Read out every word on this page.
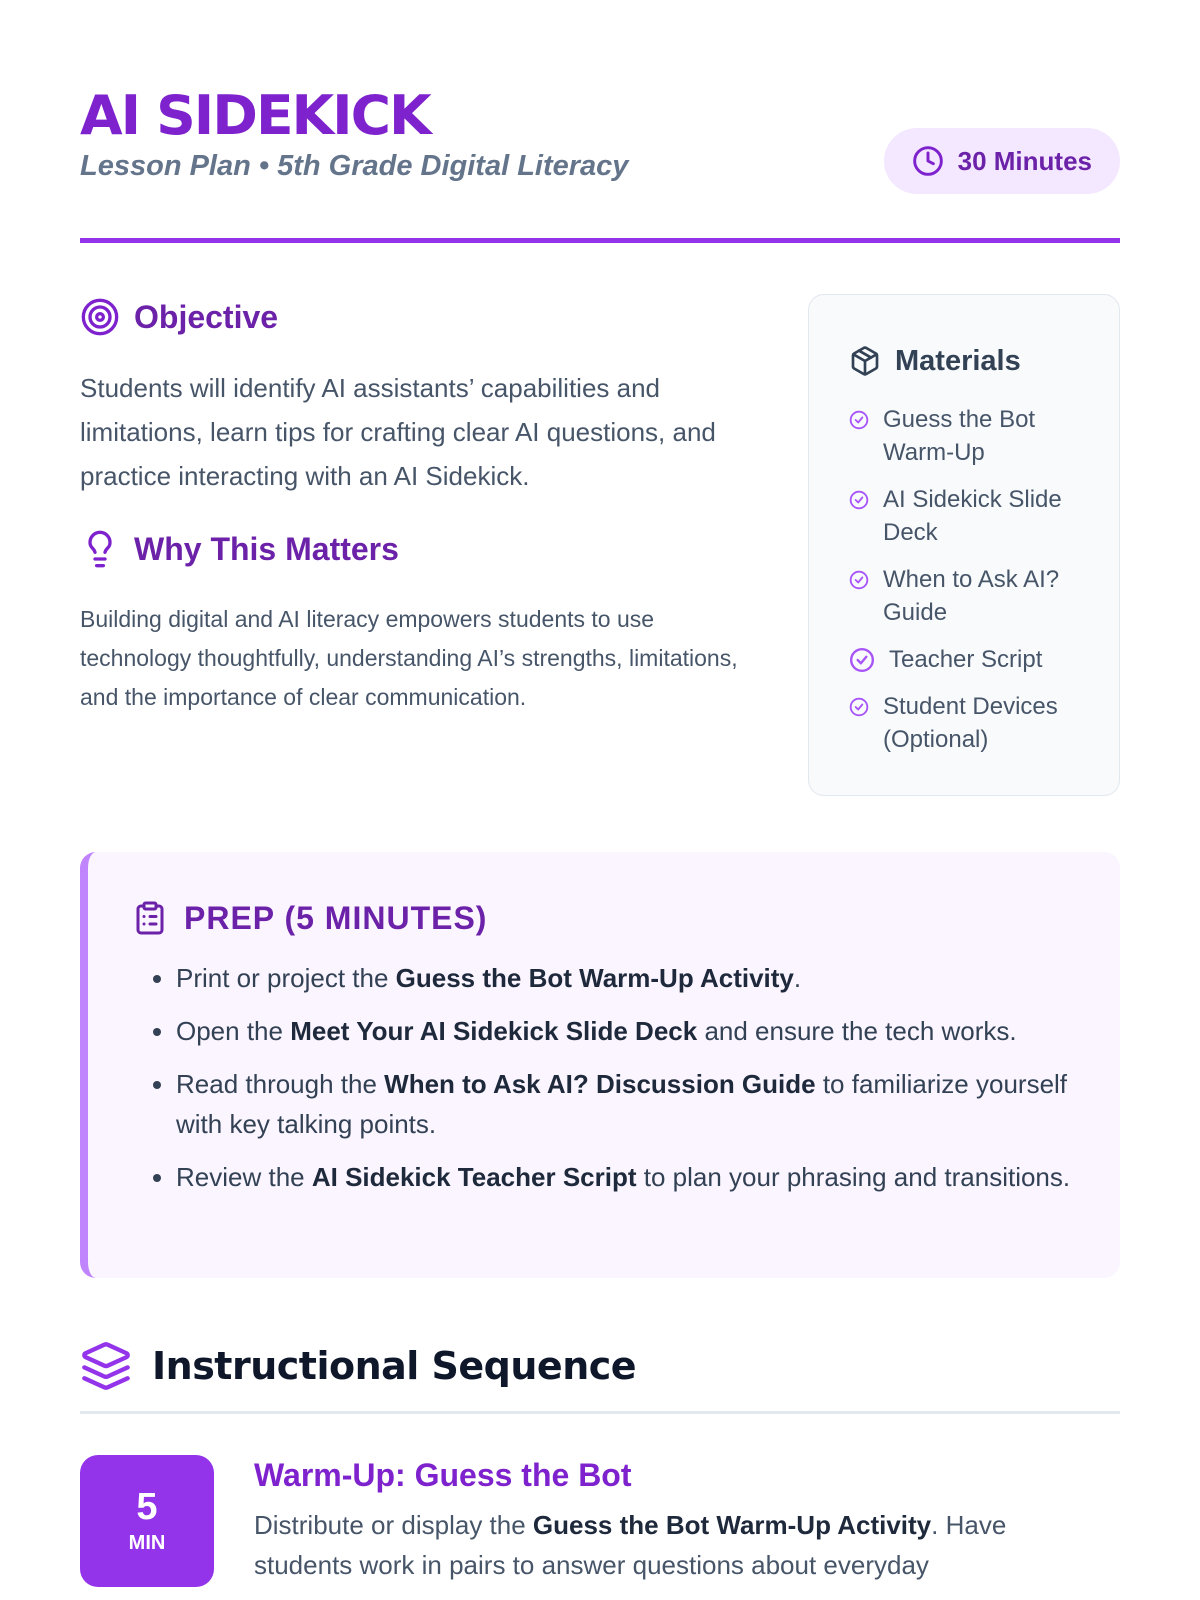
AI SIDEKICK
Lesson Plan • 5th Grade Digital Literacy	30 Minutes
Objective

Students will identify AI assistants’ capabilities and limitations, learn tips for crafting clear AI questions, and practice interacting with an AI Sidekick.

Why This Matters

Building digital and AI literacy empowers students to use technology thoughtfully, understanding AI’s strengths, limitations, and the importance of clear communication.

Materials
Guess the Bot Warm-Up
AI Sidekick Slide Deck
When to Ask AI? Guide
Teacher Script
Student Devices (Optional)
PREP (5 MINUTES)
• Print or project the Guess the Bot Warm-Up Activity.
• Open the Meet Your AI Sidekick Slide Deck and ensure the tech works.
• Read through the When to Ask AI? Discussion Guide to familiarize yourself with key talking points.
• Review the AI Sidekick Teacher Script to plan your phrasing and transitions.
Instructional Sequence
5
MIN
Warm-Up: Guess the Bot

Distribute or display the Guess the Bot Warm-Up Activity. Have students work in pairs to answer questions about everyday
